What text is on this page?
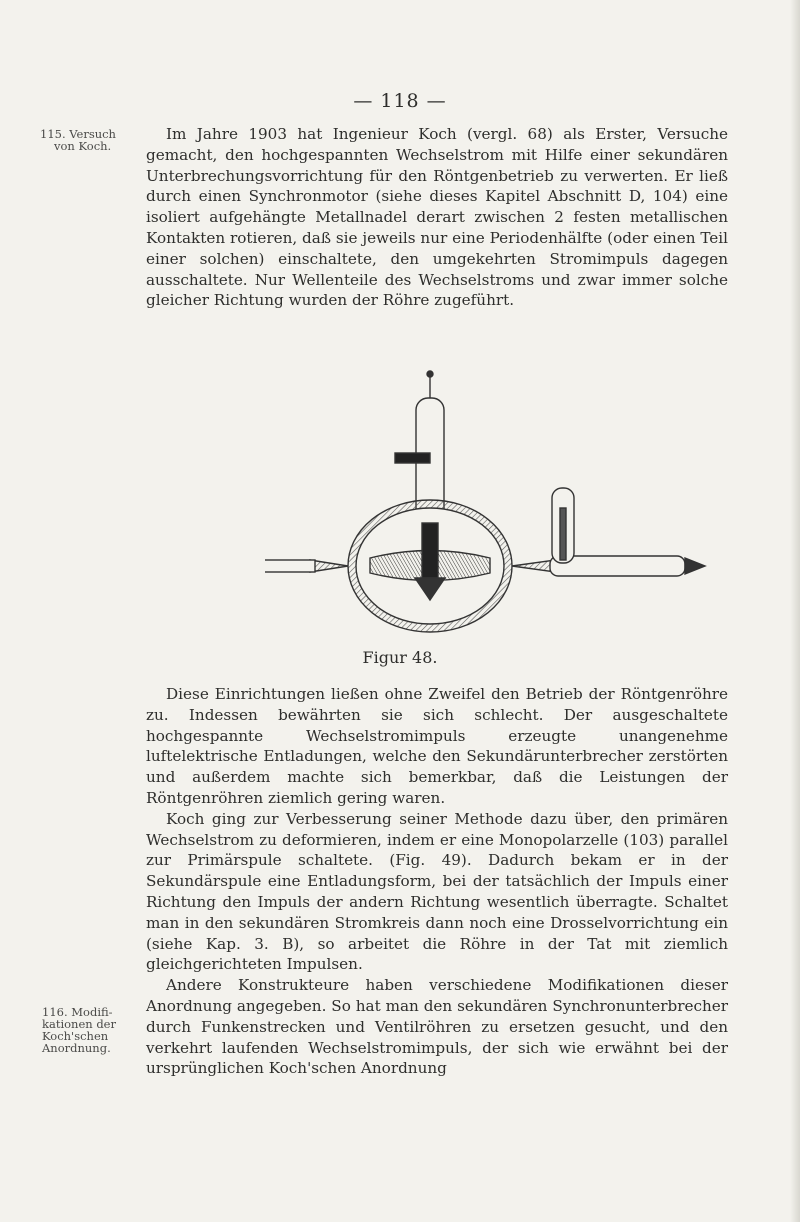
— 118 —
115. Versuch
von Koch.

Im Jahre 1903 hat Ingenieur Koch (vergl. 68) als Erster, Versuche gemacht, den hochgespannten Wechselstrom mit Hilfe einer sekundären Unterbrechungsvorrichtung für den Röntgenbetrieb zu verwerten. Er ließ durch einen Synchronmotor (siehe dieses Kapitel Abschnitt D, 104) eine isoliert aufgehängte Metallnadel derart zwischen 2 festen metallischen Kontakten rotieren, daß sie jeweils nur eine Periodenhälfte (oder einen Teil einer solchen) einschaltete, den umgekehrten Stromimpuls dagegen ausschaltete. Nur Wellenteile des Wechselstroms und zwar immer solche gleicher Richtung wurden der Röhre zugeführt.

Figur 48.

Diese Einrichtungen ließen ohne Zweifel den Betrieb der Röntgenröhre zu. Indessen bewährten sie sich schlecht. Der ausgeschaltete hochgespannte Wechselstromimpuls erzeugte unangenehme luftelektrische Entladungen, welche den Sekundärunterbrecher zerstörten und außerdem machte sich bemerkbar, daß die Leistungen der Röntgenröhren ziemlich gering waren.

Koch ging zur Verbesserung seiner Methode dazu über, den primären Wechselstrom zu deformieren, indem er eine Monopolarzelle (103) parallel zur Primärspule schaltete. (Fig. 49). Dadurch bekam er in der Sekundärspule eine Entladungsform, bei der tatsächlich der Impuls einer Richtung den Impuls der andern Richtung wesentlich überragte. Schaltet man in den sekundären Stromkreis dann noch eine Drosselvorrichtung ein (siehe Kap. 3. B), so arbeitet die Röhre in der Tat mit ziemlich gleichgerichteten Impulsen.

Andere Konstrukteure haben verschiedene Modifikationen dieser Anordnung angegeben. So hat man den sekundären Synchronunterbrecher durch Funkenstrecken und Ventilröhren zu ersetzen gesucht, und den verkehrt laufenden Wechselstromimpuls, der sich wie erwähnt bei der ursprünglichen Koch'schen Anordnung

116. Modifi-
kationen der
Koch'schen
Anordnung.
